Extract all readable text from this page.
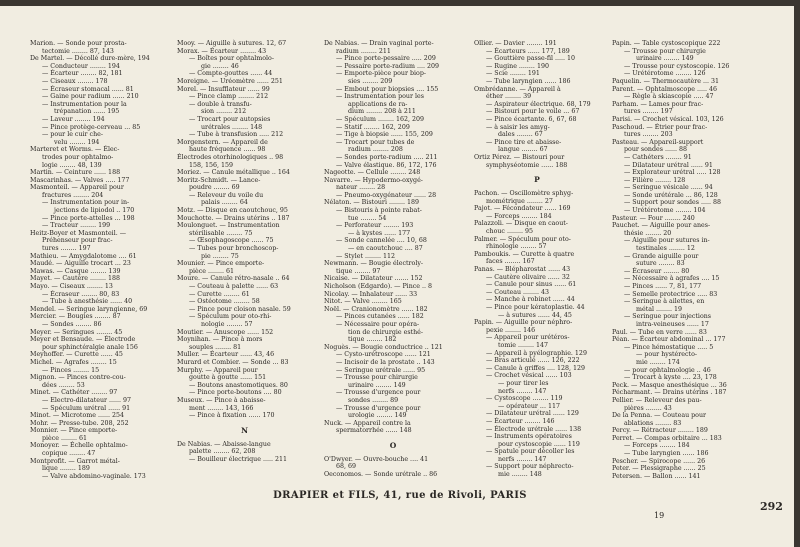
Marion. — Sonde pour prosta-
tectomie ........ 87, 143
De Martel. — Décollé dure-mère, 194
— Conducteur ........ 194
— Écarteur ........ 82, 181
— Ciseaux ........ 178
— Écraseur stomacal ...... 81
— Gaine pour radium ...... 210
— Instrumentation pour la
trépanation ...... 195
— Laveur ........ 194
— Pince protège-cerveau ... 85
— pour le cuir che-
velu ........ 194
Marteret et Worms. — Élec-
trodes pour ophtalmo-
logie ........ 48, 139
Martin. — Ceinture ...... 188
Mascarinhas. — Valves ..... 177
Masmonteil. — Appareil pour
fractures ........ 204
— Instrumentation pour in-
jections de lipiodol .. 170
— Pince porte-attelles ... 198
— Tracteur ........ 199
Heitz-Boyer et Masmonteil. —
Préhenseur pour frac-
tures ........ 197
Mathieu. — Amygdalotome .... 61
Maudé. — Aiguille trocart ... 23
Mawas. — Casque ........ 139
Mayet. — Cautère ........ 188
Mayo. — Ciseaux ........ 13
— Écraseur ........ 80, 83
— Tube à anesthésie ...... 40
Mendel. — Seringue laryngienne, 69
Mercier. — Bougies ........ 87
— Sondes ........ 86
Meyer. — Seringues ........ 45
Meyer et Bensaude. — Électrode
pour sphinctéralgie anale 156
Meyhoffer. — Curette ...... 45
Michel. — Agrafes ........ 15
— Pinces ........ 15
Mignon. — Pinces contre-cou-
dées ........ 53
Minet. — Cathéter ........ 97
— Electro-dilatateur ...... 97
— Spéculum urétral ...... 91
Minot. — Microtome ...... 254
Mohr. — Presse-tube. 208, 252
Monnier. — Pince emporte-
pièce ........ 61
Monoyer. — Échelle ophtalmo-
copique ........ 47
Montprofit. — Garrot métal-
lique ........ 189
— Valve abdomino-vaginale. 173
Mooy. — Aiguille à sutures. 12, 67
Morax. — Écarteur ........ 43
— Boîtes pour ophtalmolo-
gie ........ 46
— Compte-gouttes ...... 44
Moreigne. — Uréomètre ...... 251
Morel. — Insufflateur ...... 99
— Pince clamp ........ 212
— double à transfu-
sion ........ 212
— Trocart pour autopsies
urétrales ........ 148
— Tube à transfusion ..... 212
Morgenstern. — Appareil de
haute fréquence ...... 98
Électrodes otorhinologiques .. 98
158, 156, 159
Moriez. — Canule métallique .. 164
Moritz-Schmidt. — Lance-
poudre ........ 69
— Releveur du voile du
palais ........ 64
Motz. — Disque en caoutchouc, 95
Mouchotte. — Drains utérins .. 187
Moulonguet. — Instrumentation
stérilisable ........ 75
— Œsophagoscope ...... 75
— Tubes pour bronchoscop-
pie ........ 75
Mounier. — Pince emporte-
pièce ........ 61
Moure. — Canule rétro-nasale .. 64
— Couteau à palette ...... 63
— Curette ........ 61
— Ostéotome ........ 58
— Pince pour cloison nasale. 59
— Spéculum pour oto-rhi-
nologie ........ 57
Moutier. — Anuscope ...... 152
Moynihan. — Pince à mors
souples ........ 81
Muller. — Écarteur ...... 43, 46
Murard et Combier. — Sonde ... 83
Murphy. — Appareil pour
goutte à goutte ...... 151
— Boutons anastomotiques. 80
— Pince porte-boutons .... 80
Museux. — Pince à abaisse-
ment ........ 143, 166
— Pince à fixation ...... 170
N
De Nabias. — Abaisse-langue
palette ........ 62, 208
— Bouilleur électrique ..... 211
De Nabias. — Drain vaginal porte-
radium ........ 211
— Pince porte-pessaire ..... 209
— Pessaire porte-radium .... 209
— Emporte-pièce pour biop-
sies ........ 209
— Embout pour biopsies .... 155
— Instrumentation pour les
applications de ra-
dium ........ 208 à 211
— Spéculum ........ 162, 209
— Statif ........ 162, 209
— Tige à biopsie ...... 155, 209
— Trocart pour tubes de
radium ........ 208
— Sondes porte-radium ..... 211
— Valve élastique. 86, 172, 176
Nageotte. — Cellule ........ 248
Navarre. — Hypodermo-oxygé-
nateur ........ 28
— Pneumo-oxygénateur ...... 28
Nélaton. — Bistouri ........ 189
— Bistouris à pointe rabat-
tue ........ 54
— Perforateur ........ 193
— à kystes ...... 177
— Sonde cannelée .... 10, 68
— en caoutchouc .... 87
— Stylet ........ 112
Newmann. — Bougie électroly-
tique ........ 97
Nicaise. — Dilatateur ....... 152
Nicholson (Edgardo). — Pince .. 8
Nicolay. — Inhalateur ...... 33
Nitot. — Valve ........ 165
Noël. — Cranionomètre ...... 182
— Pinces cutanées ...... 182
— Nécessaire pour opéra-
tion de chirurgie esthé-
tique ........ 182
Noguès. — Bougie conductrice .. 121
— Cysto-urétroscope ...... 121
— Incisoir de la prostate .. 143
— Seringue urétrale ...... 95
— Trousse pour chirurgie
urinaire ........ 149
— Trousse d'urgence pour
sondes ........ 89
— Trousse d'urgence pour
urologie ........ 149
Nuck. — Appareil contre la
spermatorrhée ...... 148
O
O'Dwyer. — Ouvre-bouche .... 41
68, 69
Oeconomos. — Sonde urétrale .. 86
Ollier. — Davier ........ 191
— Écarteurs ...... 177, 189
— Gouttière passe-fil ..... 10
— Rugine ........ 190
— Scie ........ 191
— Tube laryngien ...... 186
Ombrédanne. — Appareil à
éther ........ 39
— Aspirateur électrique. 68, 179
— Bistouri pour le voile ... 67
— Pince écartante. 6, 67, 68
— à saisir les amyg-
dales ........ 67
— Pince tire et abaisse-
langue ........ 67
Ortiz Pérez. — Bistouri pour
symphyséotomie ...... 188
P
Pachon. — Oscillomètre sphyg-
mométrique ........ 27
Pajot. — Fécondateur ...... 169
— Forceps ........ 184
Palazzoli. — Disque en caout-
chouc ........ 95
Palmer. — Spéculum pour oto-
rhinologie ........ 57
Pamboukis. — Curette à quatre
faces ........ 167
Panas. — Blépharostat ...... 43
— Cautère olivaire ...... 32
— Canule pour sinus ...... 61
— Couteau ........ 43
— Manche à robinet ...... 44
— Pince pour kératoplastie. 44
— à sutures ...... 44, 45
Papin. — Aiguille pour néphro-
pexie ........ 146
— Appareil pour urétéros-
tomie ........ 147
— Appareil à pyélographie. 129
— Bras articulé ...... 126, 222
— Canule à griffes .... 128, 129
— Crochet vésical ...... 103
— pour tirer les
nerfs ........ 147
— Cystoscope ........ 119
— opérateur ... 117
— Dilatateur urétral ...... 129
— Écarteur ........ 146
— Électrode urétrale ...... 138
— Instruments opératoires
pour cystoscopie ...... 119
— Spatule pour décoller les
nerfs ........ 147
— Support pour néphrecto-
mie ........ 148
Papin. — Table cystoscopique 222
— Trousse pour chirurgie
urinaire ........ 149
— Trousse pour cystoscopie. 126
— Urétérotome ........ 126
Paquelin. — Thermocautère ... 31
Parent. — Ophtalmoscope ..... 46
— Règle à skiascopie ..... 47
Parham. — Lames pour frac-
tures ........ 197
Parisi. — Crochet vésical. 103, 126
Paschoud. — Étrier pour frac-
tures ........ 203
Pasteau. — Appareil-support
pour sondes ...... 88
— Cathéters ........ 91
— Dilatateur urétral ...... 91
— Explorateur urétral ..... 128
— Filière ........ 128
— Seringue vésicale ...... 94
— Sonde urétérale ... 86, 128
— Support pour sondes ..... 88
— Urétérotome ........ 104
Pasteur. — Four ........ 240
Pauchet. — Aiguille pour anes-
thésie ........ 20
— Aiguille pour sutures in-
testinales ........ 12
— Grande aiguille pour
suture ........ 83
— Écraseur ........ 80
— Nécessaire à agrafes .... 15
— Pinces ...... 7, 81, 177
— Semelle protectrice ..... 83
— Seringue à ailettes, en
métal ........ 19
— Seringue pour injections
intra-veineuses ...... 17
Paul. — Tube en verre ...... 83
Péan. — Écarteur abdominal ... 177
— Pince hémostatique ..... 5
— pour hystérecto-
mie ........ 174
— pour ophtalmologie .. 46
— Trocart à kyste .... 23, 178
Peck. — Masque anesthésique ... 36
Pécharmant. — Drains utérins . 187
Pellier. — Releveur des pau-
pières ........ 43
De la Penna. — Couteau pour
ablations ........ 83
Percy. — Rétracteur ........ 189
Perret. — Compas orbitaire ... 183
— Forceps ........ 184
— Tube laryngien ...... 186
Pescher. — Spirocope ...... 26
Peter. — Plessigraphe ...... 25
Petersen. — Ballon ...... 141
DRAPIER et FILS, 41, rue de Rivoli, PARIS
292
19
